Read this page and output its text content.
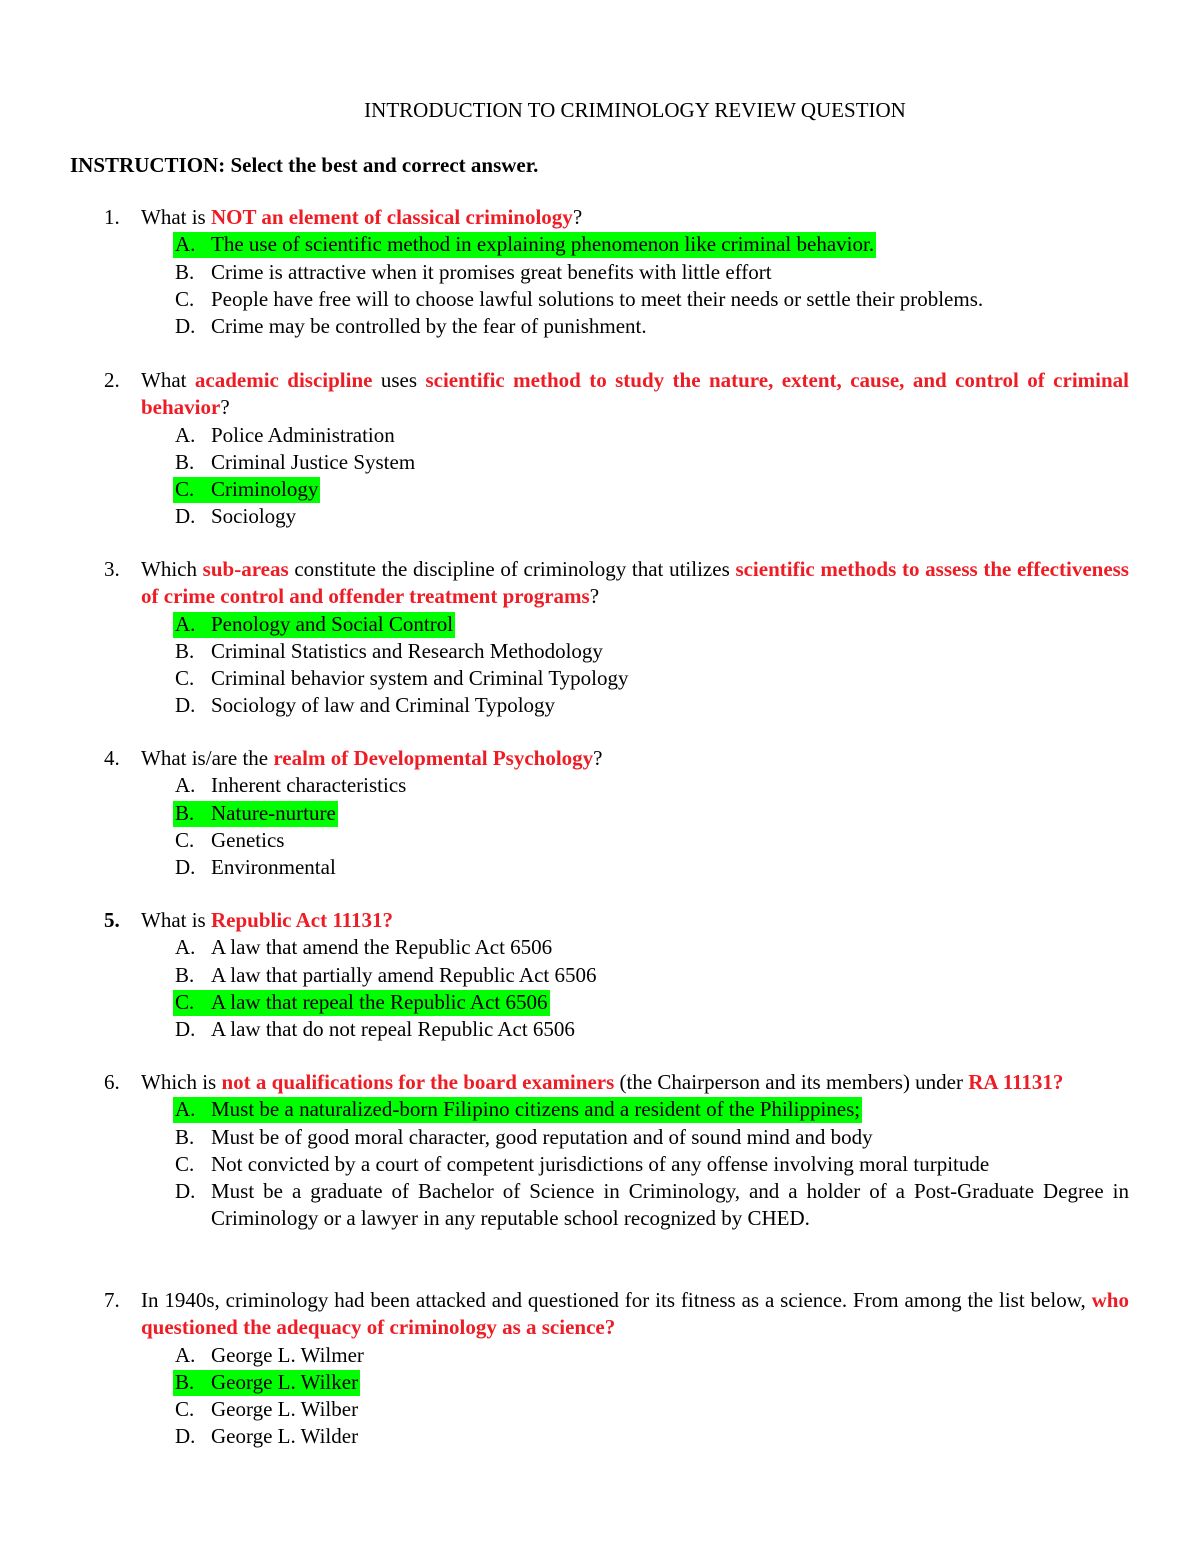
INTRODUCTION TO CRIMINOLOGY REVIEW QUESTION
INSTRUCTION: Select the best and correct answer.
1. What is NOT an element of classical criminology?
A. The use of scientific method in explaining phenomenon like criminal behavior.
B. Crime is attractive when it promises great benefits with little effort
C. People have free will to choose lawful solutions to meet their needs or settle their problems.
D. Crime may be controlled by the fear of punishment.
2. What academic discipline uses scientific method to study the nature, extent, cause, and control of criminal behavior?
A. Police Administration
B. Criminal Justice System
C. Criminology
D. Sociology
3. Which sub-areas constitute the discipline of criminology that utilizes scientific methods to assess the effectiveness of crime control and offender treatment programs?
A. Penology and Social Control
B. Criminal Statistics and Research Methodology
C. Criminal behavior system and Criminal Typology
D. Sociology of law and Criminal Typology
4. What is/are the realm of Developmental Psychology?
A. Inherent characteristics
B. Nature-nurture
C. Genetics
D. Environmental
5. What is Republic Act 11131?
A. A law that amend the Republic Act 6506
B. A law that partially amend Republic Act 6506
C. A law that repeal the Republic Act 6506
D. A law that do not repeal Republic Act 6506
6. Which is not a qualifications for the board examiners (the Chairperson and its members) under RA 11131?
A. Must be a naturalized-born Filipino citizens and a resident of the Philippines;
B. Must be of good moral character, good reputation and of sound mind and body
C. Not convicted by a court of competent jurisdictions of any offense involving moral turpitude
D. Must be a graduate of Bachelor of Science in Criminology, and a holder of a Post-Graduate Degree in Criminology or a lawyer in any reputable school recognized by CHED.
7. In 1940s, criminology had been attacked and questioned for its fitness as a science. From among the list below, who questioned the adequacy of criminology as a science?
A. George L. Wilmer
B. George L. Wilker
C. George L. Wilber
D. George L. Wilder
